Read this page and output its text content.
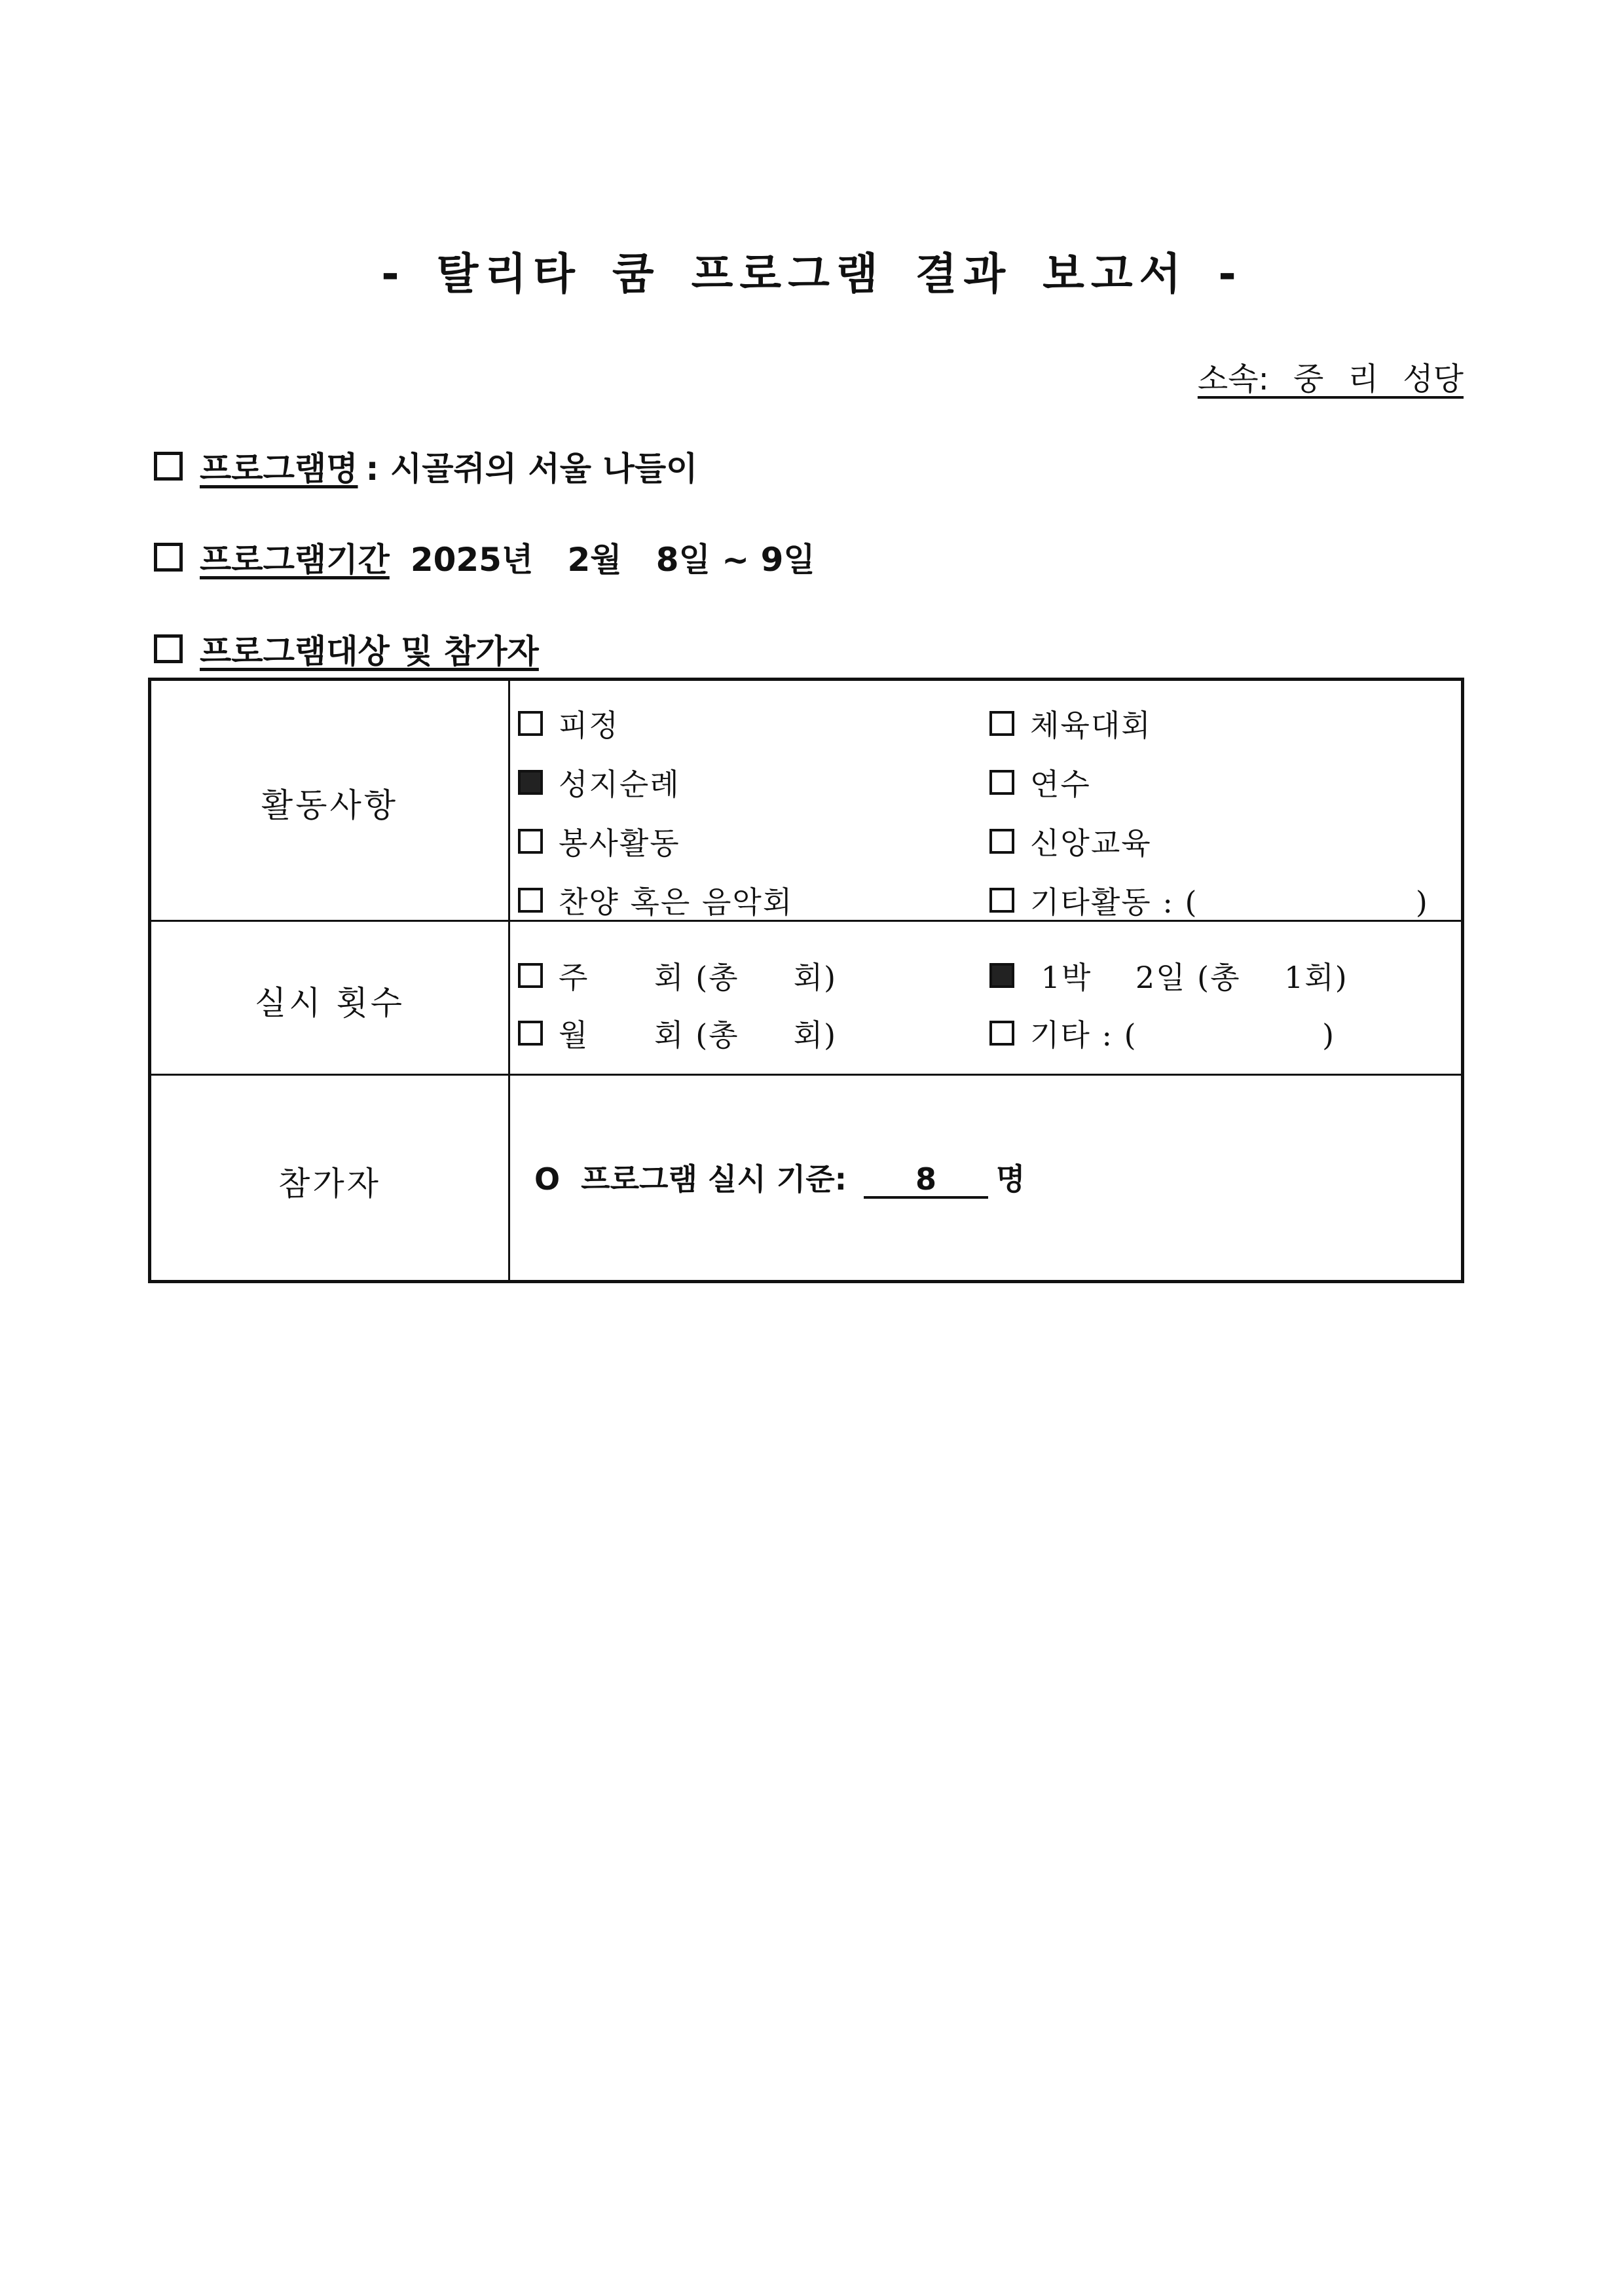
- 탈리타 쿰 프로그램 결과 보고서 -
소속: 중 리 성당
프로그램명 : 시골쥐의 서울 나들이
프로그램기간 2025년   2월   8일 ~ 9일
프로그램대상 및 참가자
활동사항
피정	체육대회
성지순례	연수
봉사활동	신앙교육
찬양 혹은 음악회	기타활동 : (                    )
실시 횟수
주      회 (총     회)	1박    2일 (총    1회)
월      회 (총     회)	기타 : (                 )
참가자	O  프로그램 실시 기준:	8	명
